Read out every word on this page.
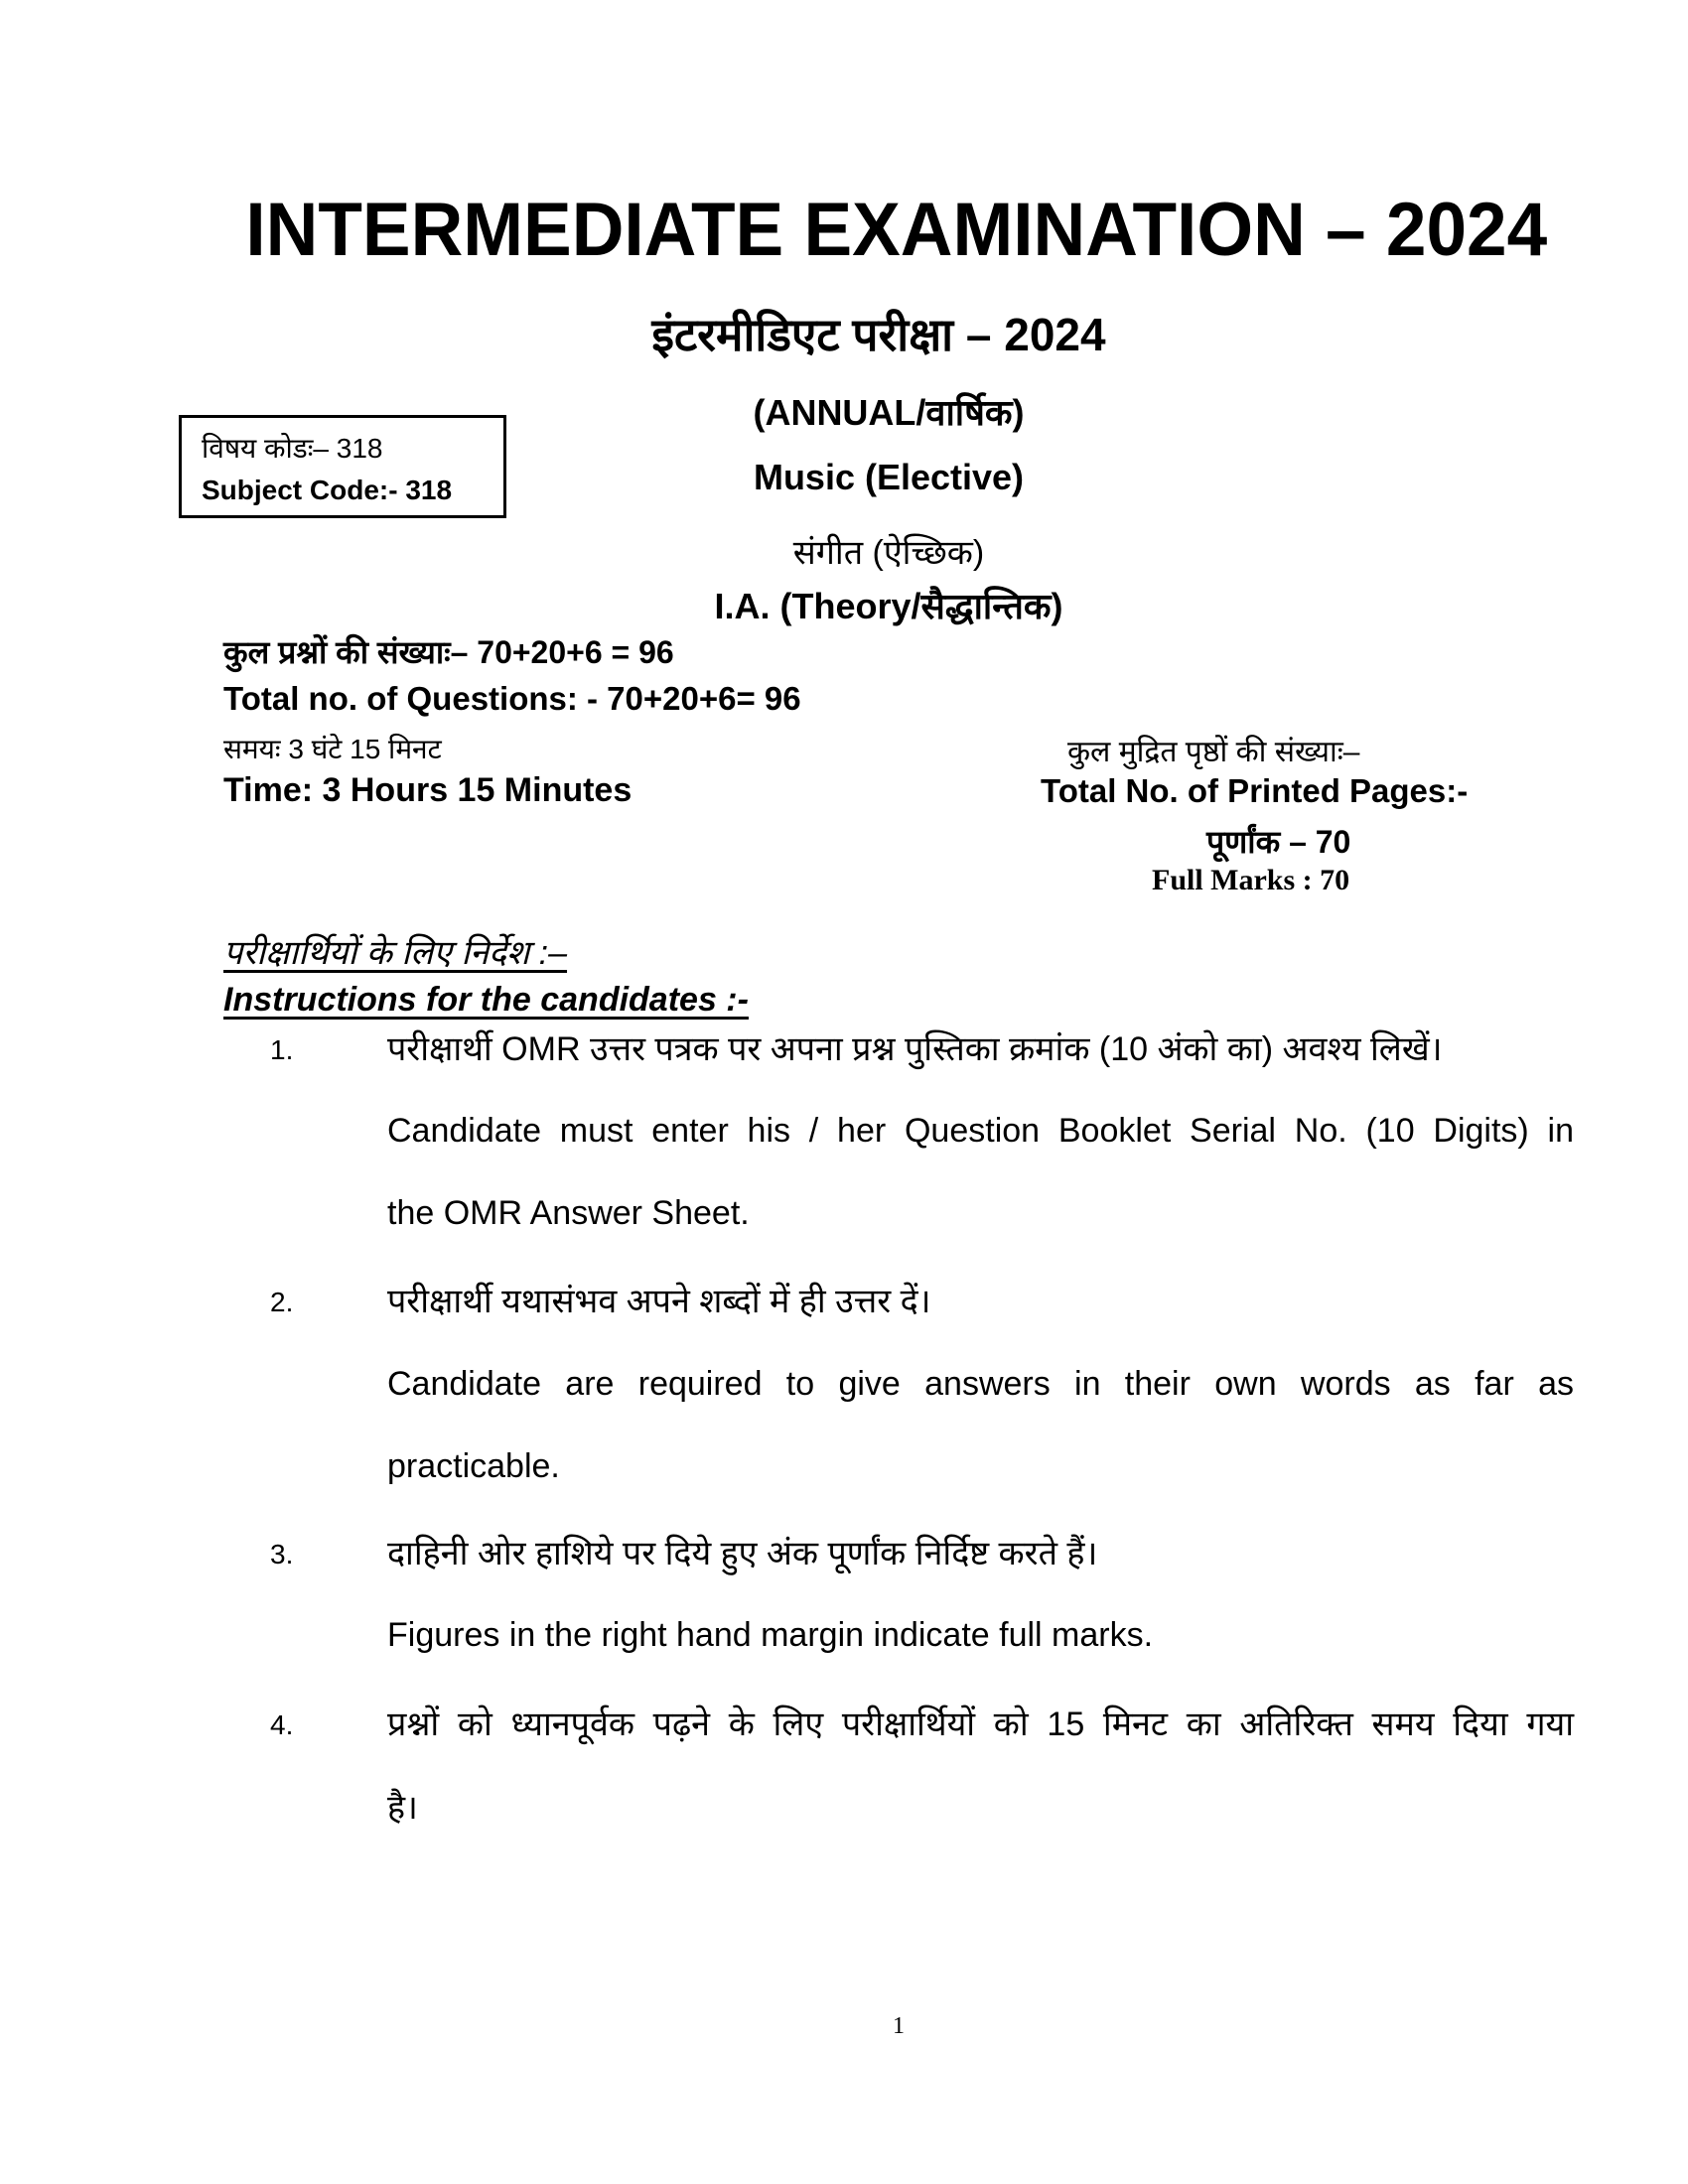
INTERMEDIATE EXAMINATION – 2024
इंटरमीडिएट परीक्षा – 2024
(ANNUAL/वार्षिक)
विषय कोडः– 318
Subject Code:- 318	Music (Elective)
संगीत (ऐच्छिक)
I.A. (Theory/सैद्धान्तिक)
कुल प्रश्नों की संख्याः– 70+20+6 = 96
Total no. of Questions: - 70+20+6= 96
समयः 3 घंटे 15 मिनट
Time: 3 Hours 15 Minutes
कुल मुद्रित पृष्ठों की संख्याः–
Total No. of Printed Pages:-
पूर्णांक – 70
Full Marks : 70
परीक्षार्थियों के लिए निर्देश :–
Instructions for the candidates :-
1.	परीक्षार्थी OMR उत्तर पत्रक पर अपना प्रश्न पुस्तिका क्रमांक (10 अंको का) अवश्य लिखें।
Candidate must enter his / her Question Booklet Serial No. (10 Digits) in
the OMR Answer Sheet.
2.	परीक्षार्थी यथासंभव अपने शब्दों में ही उत्तर दें।
Candidate are required to give answers in their own words as far as
practicable.
3.	दाहिनी ओर हाशिये पर दिये हुए अंक पूर्णांक निर्दिष्ट करते हैं।
Figures in the right hand margin indicate full marks.
4.	प्रश्नों को ध्यानपूर्वक पढ़ने के लिए परीक्षार्थियों को 15 मिनट का अतिरिक्त समय दिया गया
है।
1
